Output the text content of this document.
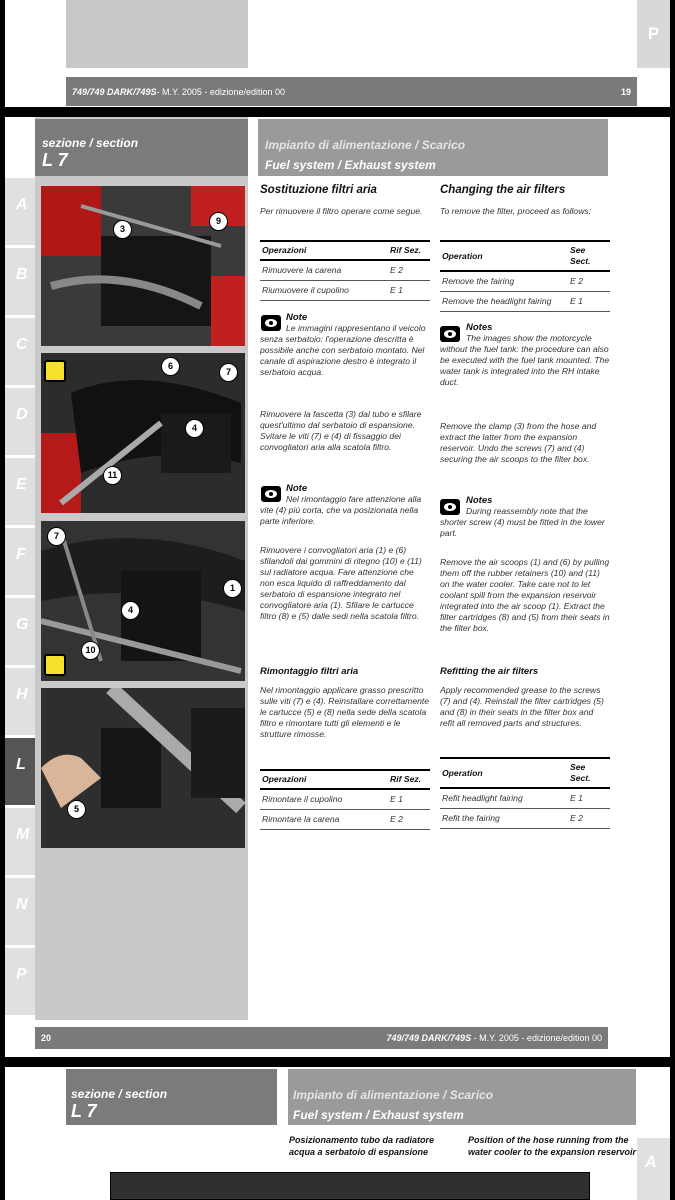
P
749/749 DARK/749S - M.Y. 2005 - edizione/edition 00	19
sezione / section
L 7
Impianto di alimentazione / Scarico
Fuel system / Exhaust system
A
B
C
D
E
F
G
H
L
M
N
P
3
9
6
7
4
11
7
1
4
10
5
Sostituzione filtri aria
Per rimuovere il filtro operare come segue.
Operazioni	Rif Sez.
Rimuovere la carena	E 2
Riumuovere il cupolino	E 1
Note
Le immagini rappresentano il veicolo senza serbatoio: l'operazione descritta è possibile anche con serbatoio montato. Nel canale di aspirazione destro è integrato il serbatoio acqua.
Rimuovere la fascetta (3) dal tubo e sfilare quest'ultimo dal serbatoio di espansione. Svitare le viti (7) e (4) di fissaggio dei convogliatori aria alla scatola filtro.
Note
Nel rimontaggio fare attenzione alla vite (4) più corta, che va posizionata nella parte inferiore.
Rimuovere i convogliatori aria (1) e (6) sfilandoli dai gommini di ritegno (10) e (11) sul radiatore acqua. Fare attenzione che non esca liquido di raffreddamento dal serbatoio di espansione integrato nel convogliatore aria (1). Sfilare le cartucce filtro (8) e (5) dalle sedi nella scatola filtro.
Rimontaggio filtri aria
Nel rimontaggio applicare grasso prescritto sulle viti (7) e (4). Reinstallare correttamente le cartucce (5) e (8) nella sede della scatola filtro e rimontare tutti gli elementi e le strutture rimosse.
Operazioni	Rif Sez.
Rimontare il cupolino	E 1
Rimontare la carena	E 2
Changing the air filters
To remove the filter, proceed as follows:
Operation	See Sect.
Remove the fairing	E 2
Remove the headlight fairing	E 1
Notes
The images show the motorcycle without the fuel tank: the procedure can also be executed with the fuel tank mounted. The water tank is integrated into the RH intake duct.
Remove the clamp (3) from the hose and extract the latter from the expansion reservoir. Undo the screws (7) and (4) securing the air scoops to the filter box.
Notes
During reassembly note that the shorter screw (4) must be fitted in the lower part.
Remove the air scoops (1) and (6) by pulling them off the rubber retainers (10) and (11) on the water cooler. Take care not to let coolant spill from the expansion reservoir integrated into the air scoop (1). Extract the filter cartridges (8) and (5) from their seats in the filter box.
Refitting the air filters
Apply recommended grease to the screws (7) and (4). Reinstall the filter cartridges (5) and (8) in their seats in the filter box and refit all removed parts and structures.
Operation	See Sect.
Refit headlight fairing	E 1
Refit the fairing	E 2
20	749/749 DARK/749S - M.Y. 2005 - edizione/edition 00
sezione / section
L 7
Impianto di alimentazione / Scarico
Fuel system / Exhaust system
Posizionamento tubo da radiatore acqua a serbatoio di espansione
Position of the hose running from the water cooler to the expansion reservoir
A
